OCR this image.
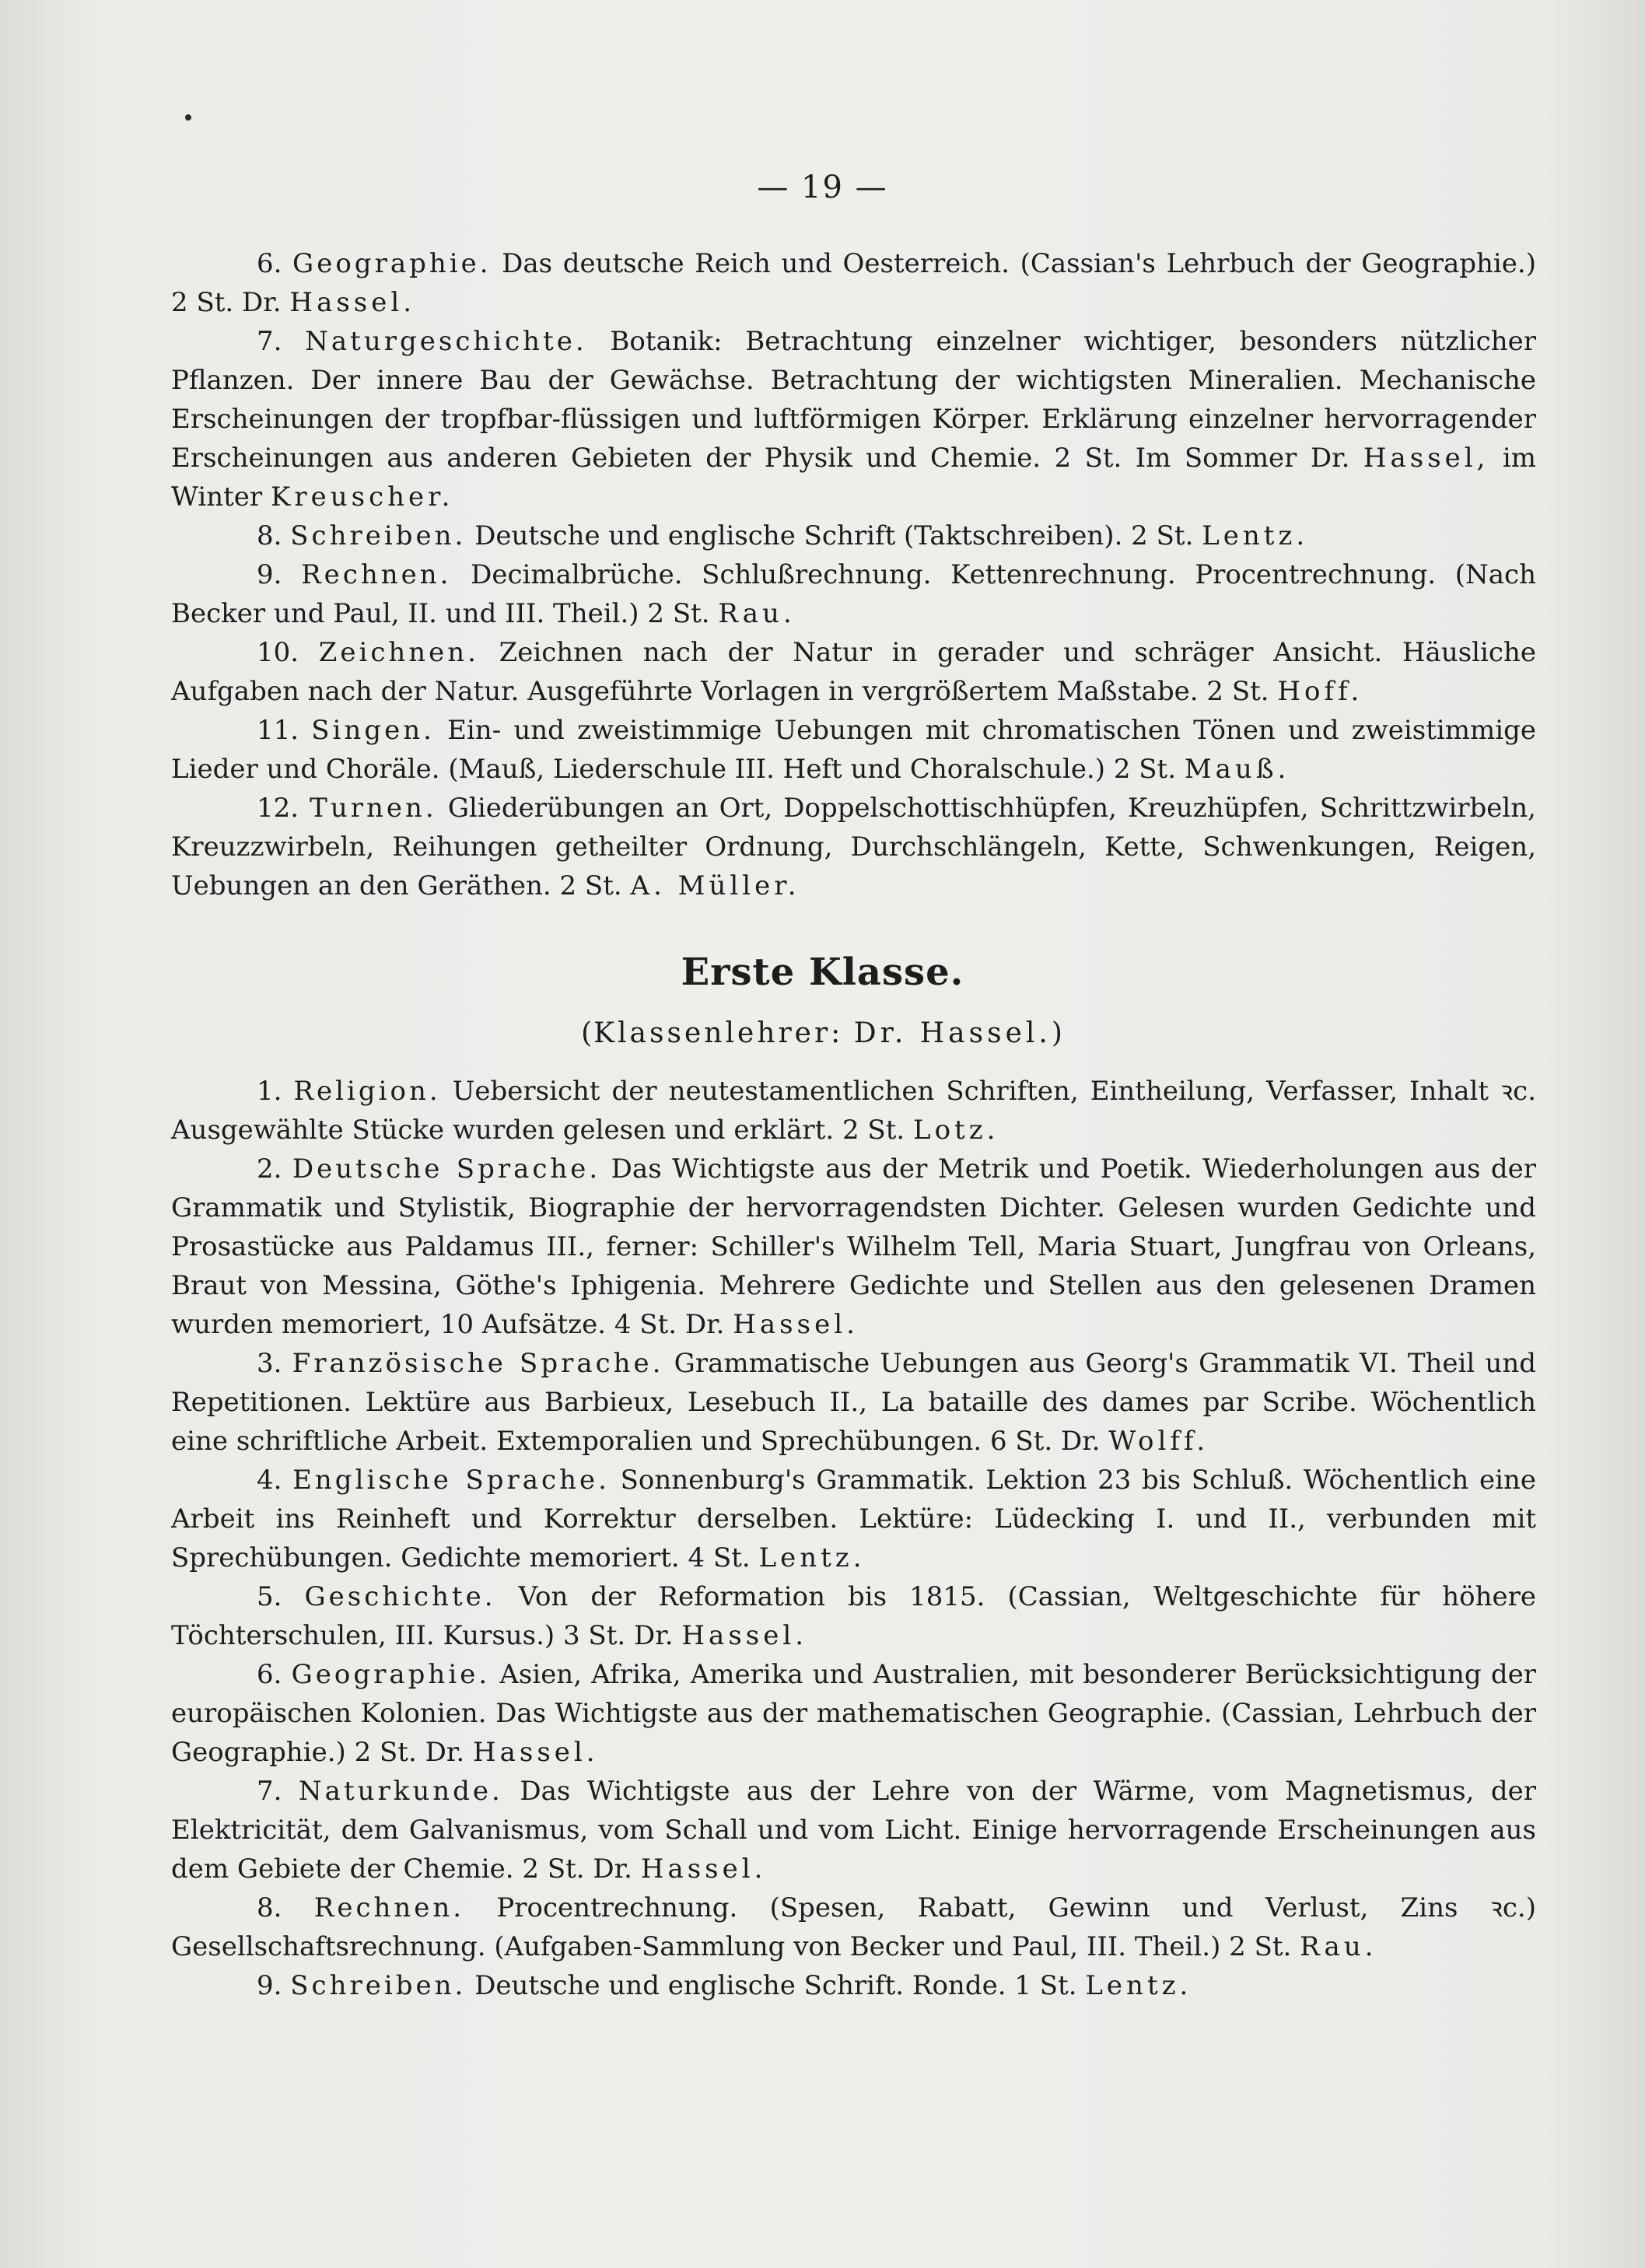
— 19 —

6. Geographie. Das deutsche Reich und Oesterreich. (Cassian's Lehrbuch der Geographie.) 2 St. Dr. Hassel.

7. Naturgeschichte. Botanik: Betrachtung einzelner wichtiger, besonders nützlicher Pflanzen. Der innere Bau der Gewächse. Betrachtung der wichtigsten Mineralien. Mechanische Erscheinungen der tropfbar-flüssigen und luftförmigen Körper. Erklärung einzelner hervorragender Erscheinungen aus anderen Gebieten der Physik und Chemie. 2 St. Im Sommer Dr. Hassel, im Winter Kreuscher.

8. Schreiben. Deutsche und englische Schrift (Taktschreiben). 2 St. Lentz.

9. Rechnen. Decimalbrüche. Schlußrechnung. Kettenrechnung. Procentrechnung. (Nach Becker und Paul, II. und III. Theil.) 2 St. Rau.

10. Zeichnen. Zeichnen nach der Natur in gerader und schräger Ansicht. Häusliche Aufgaben nach der Natur. Ausgeführte Vorlagen in vergrößertem Maßstabe. 2 St. Hoff.

11. Singen. Ein- und zweistimmige Uebungen mit chromatischen Tönen und zweistimmige Lieder und Choräle. (Mauß, Liederschule III. Heft und Choralschule.) 2 St. Mauß.

12. Turnen. Gliederübungen an Ort, Doppelschottischhüpfen, Kreuzhüpfen, Schrittzwirbeln, Kreuzzwirbeln, Reihungen getheilter Ordnung, Durchschlängeln, Kette, Schwenkungen, Reigen, Uebungen an den Geräthen. 2 St. A. Müller.

Erste Klasse.
(Klassenlehrer: Dr. Hassel.)

1. Religion. Uebersicht der neutestamentlichen Schriften, Eintheilung, Verfasser, Inhalt ꝛc. Ausgewählte Stücke wurden gelesen und erklärt. 2 St. Lotz.

2. Deutsche Sprache. Das Wichtigste aus der Metrik und Poetik. Wiederholungen aus der Grammatik und Stylistik, Biographie der hervorragendsten Dichter. Gelesen wurden Gedichte und Prosastücke aus Paldamus III., ferner: Schiller's Wilhelm Tell, Maria Stuart, Jungfrau von Orleans, Braut von Messina, Göthe's Iphigenia. Mehrere Gedichte und Stellen aus den gelesenen Dramen wurden memoriert, 10 Aufsätze. 4 St. Dr. Hassel.

3. Französische Sprache. Grammatische Uebungen aus Georg's Grammatik VI. Theil und Repetitionen. Lektüre aus Barbieux, Lesebuch II., La bataille des dames par Scribe. Wöchentlich eine schriftliche Arbeit. Extemporalien und Sprechübungen. 6 St. Dr. Wolff.

4. Englische Sprache. Sonnenburg's Grammatik. Lektion 23 bis Schluß. Wöchentlich eine Arbeit ins Reinheft und Korrektur derselben. Lektüre: Lüdecking I. und II., verbunden mit Sprechübungen. Gedichte memoriert. 4 St. Lentz.

5. Geschichte. Von der Reformation bis 1815. (Cassian, Weltgeschichte für höhere Töchterschulen, III. Kursus.) 3 St. Dr. Hassel.

6. Geographie. Asien, Afrika, Amerika und Australien, mit besonderer Berücksichtigung der europäischen Kolonien. Das Wichtigste aus der mathematischen Geographie. (Cassian, Lehrbuch der Geographie.) 2 St. Dr. Hassel.

7. Naturkunde. Das Wichtigste aus der Lehre von der Wärme, vom Magnetismus, der Elektricität, dem Galvanismus, vom Schall und vom Licht. Einige hervorragende Erscheinungen aus dem Gebiete der Chemie. 2 St. Dr. Hassel.

8. Rechnen. Procentrechnung. (Spesen, Rabatt, Gewinn und Verlust, Zins ꝛc.) Gesellschaftsrechnung. (Aufgaben-Sammlung von Becker und Paul, III. Theil.) 2 St. Rau.

9. Schreiben. Deutsche und englische Schrift. Ronde. 1 St. Lentz.
